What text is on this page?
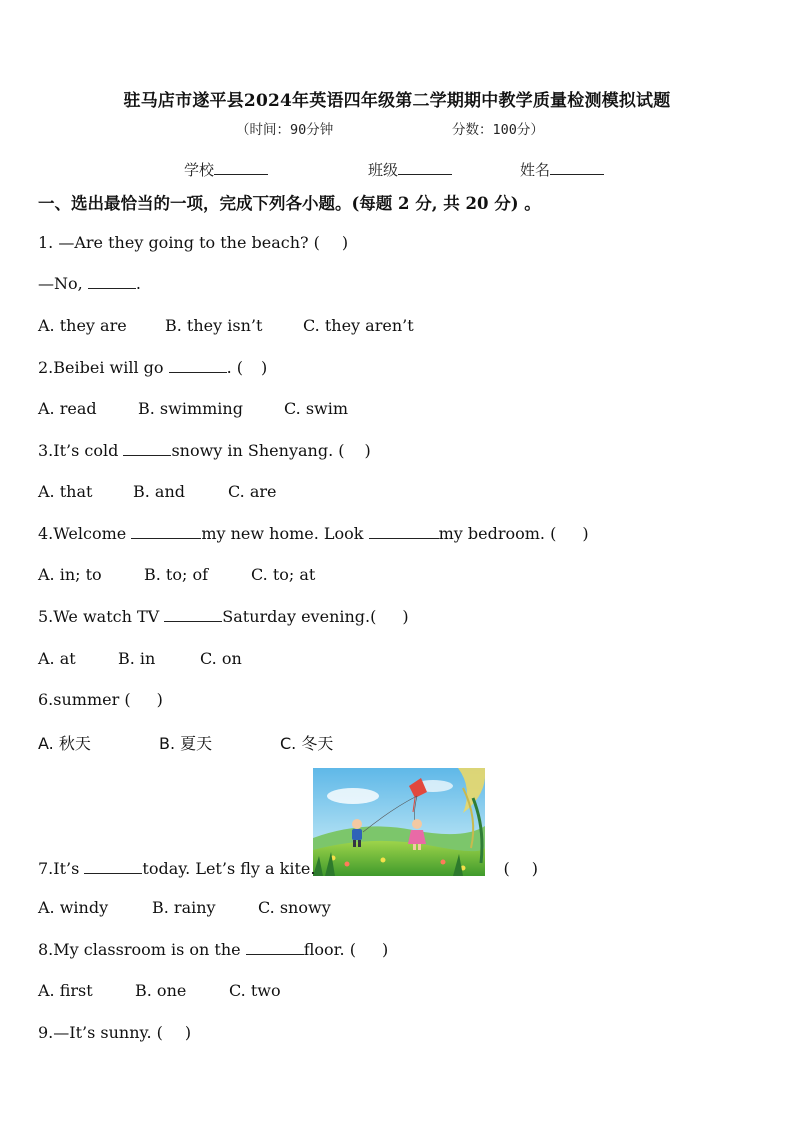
驻马店市遂平县2024年英语四年级第二学期期中教学质量检测模拟试题
（时间：90分钟	分数：100分）
学校	班级	姓名
一、选出最恰当的一项，完成下列各小题。(每题 2 分, 共 20 分) 。
1. —Are they going to the beach? ( )
—No,	.
A. they are B. they isn’t	C. they aren’t
2.Beibei will go	. ( )
A. read	B. swimming	C. swim
3.It’s cold	snowy in Shenyang. ( )
A. that	B. and	C. are
4.Welcome	my new home. Look	my bedroom. ( )
A. in; to	B. to; of	C. to; at
5.We watch TV	Saturday evening.( )
A. at	B. in	C. on
6.summer ( )
A. 秋天	B. 夏天	C. 冬天
7.It’s	today. Let’s fly a kite.	( )
A. windy	B. rainy	C. snowy
8.My classroom is on the	floor. ( )
A. first	B. one	C. two
9.—It’s sunny. ( )
